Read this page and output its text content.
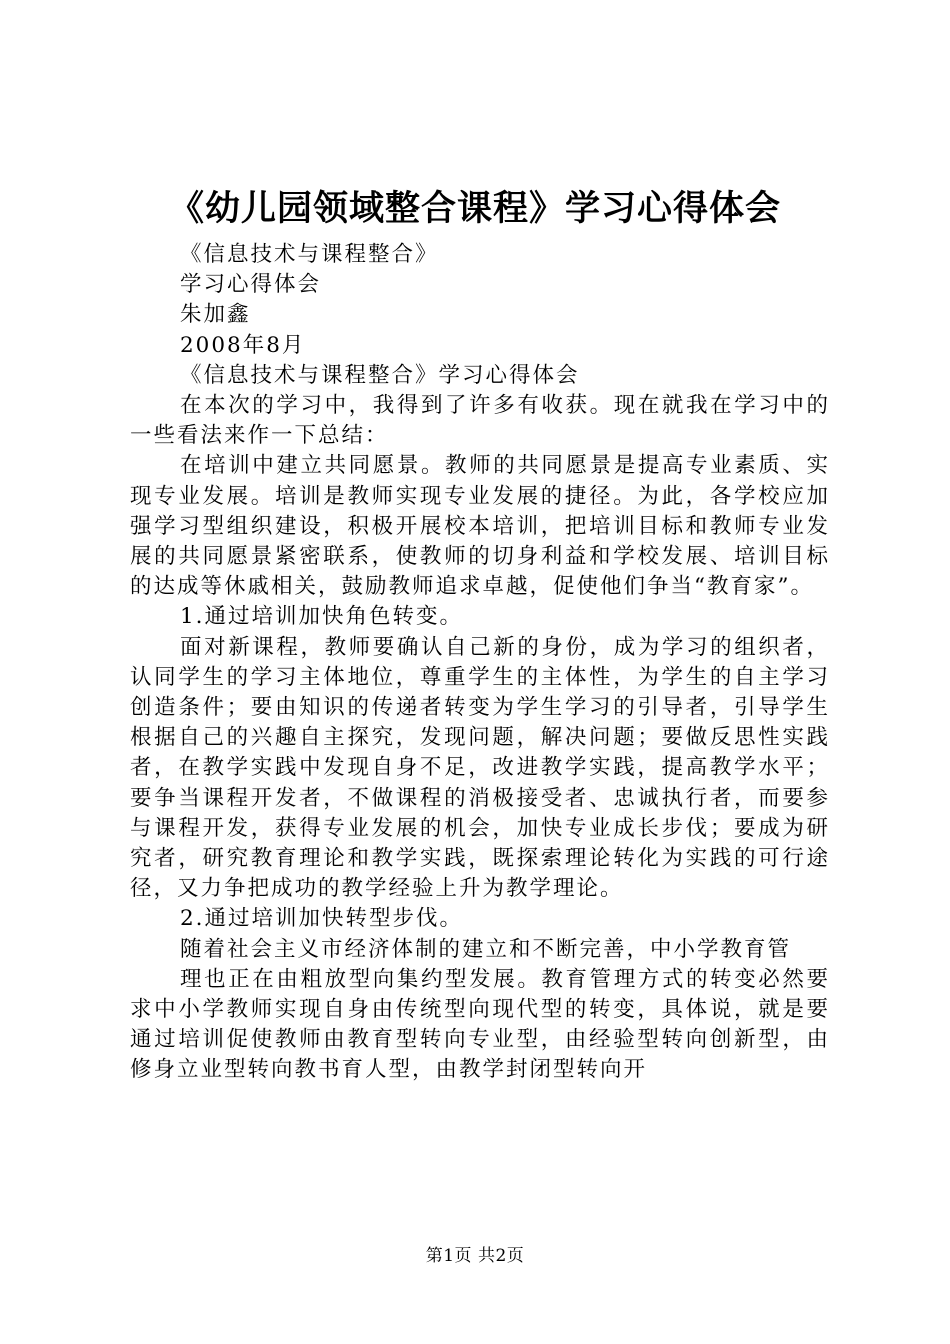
《幼儿园领域整合课程》学习心得体会

《信息技术与课程整合》

学习心得体会

朱加鑫

2008年8月

《信息技术与课程整合》学习心得体会

在本次的学习中，我得到了许多有收获。现在就我在学习中的一些看法来作一下总结：

在培训中建立共同愿景。教师的共同愿景是提高专业素质、实现专业发展。培训是教师实现专业发展的捷径。为此，各学校应加强学习型组织建设，积极开展校本培训，把培训目标和教师专业发展的共同愿景紧密联系，使教师的切身利益和学校发展、培训目标的达成等休戚相关，鼓励教师追求卓越，促使他们争当“教育家”。

1.通过培训加快角色转变。

面对新课程，教师要确认自己新的身份，成为学习的组织者，认同学生的学习主体地位，尊重学生的主体性，为学生的自主学习创造条件；要由知识的传递者转变为学生学习的引导者，引导学生根据自己的兴趣自主探究，发现问题，解决问题；要做反思性实践者，在教学实践中发现自身不足，改进教学实践，提高教学水平；要争当课程开发者，不做课程的消极接受者、忠诚执行者，而要参与课程开发，获得专业发展的机会，加快专业成长步伐；要成为研究者，研究教育理论和教学实践，既探索理论转化为实践的可行途径，又力争把成功的教学经验上升为教学理论。

2.通过培训加快转型步伐。

随着社会主义市经济体制的建立和不断完善，中小学教育管

理也正在由粗放型向集约型发展。教育管理方式的转变必然要求中小学教师实现自身由传统型向现代型的转变，具体说，就是要通过培训促使教师由教育型转向专业型，由经验型转向创新型，由修身立业型转向教书育人型，由教学封闭型转向开

第1页 共2页
